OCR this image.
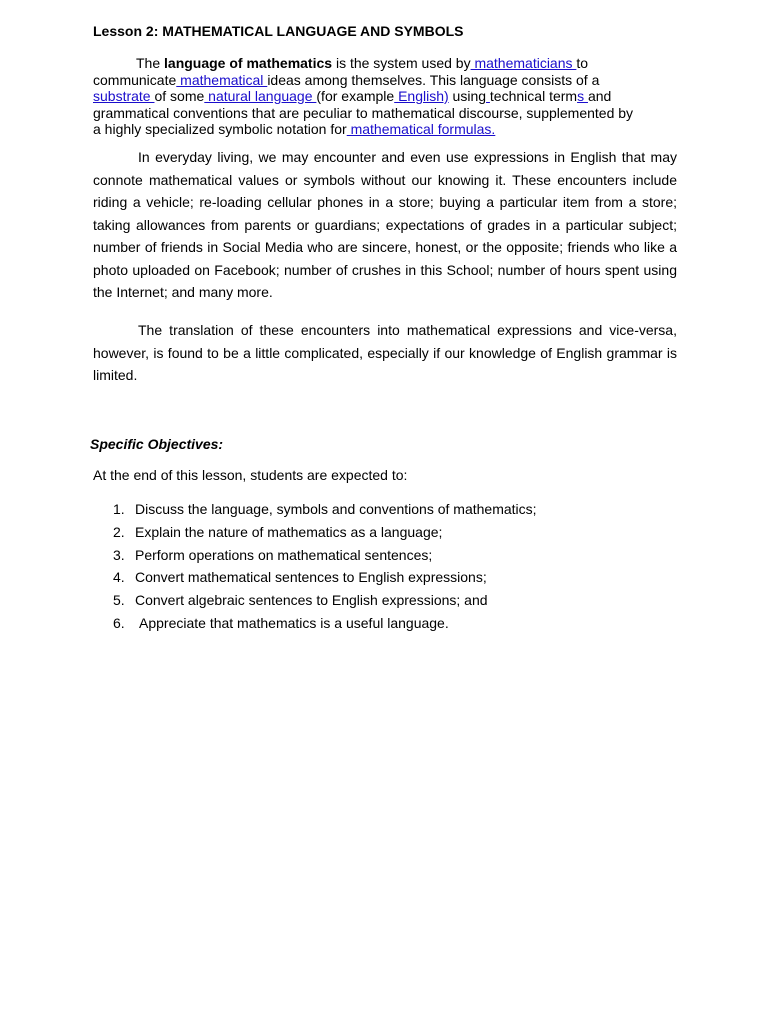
Lesson 2: MATHEMATICAL LANGUAGE AND SYMBOLS
The language of mathematics is the system used by mathematicians to
communicate mathematical ideas among themselves. This language consists of a
substrate of some natural language (for example English) using technical terms and
grammatical conventions that are peculiar to mathematical discourse, supplemented by
a highly specialized symbolic notation for mathematical formulas.

In everyday living, we may encounter and even use expressions in English that may connote mathematical values or symbols without our knowing it. These encounters include riding a vehicle; re-loading cellular phones in a store; buying a particular item from a store; taking allowances from parents or guardians; expectations of grades in a particular subject; number of friends in Social Media who are sincere, honest, or the opposite; friends who like a photo uploaded on Facebook; number of crushes in this School; number of hours spent using the Internet; and many more.

The translation of these encounters into mathematical expressions and vice-versa, however, is found to be a little complicated, especially if our knowledge of English grammar is limited.

Specific Objectives:
At the end of this lesson, students are expected to:
1. Discuss the language, symbols and conventions of mathematics;
2. Explain the nature of mathematics as a language;
3. Perform operations on mathematical sentences;
4. Convert mathematical sentences to English expressions;
5. Convert algebraic sentences to English expressions; and
6. Appreciate that mathematics is a useful language.
